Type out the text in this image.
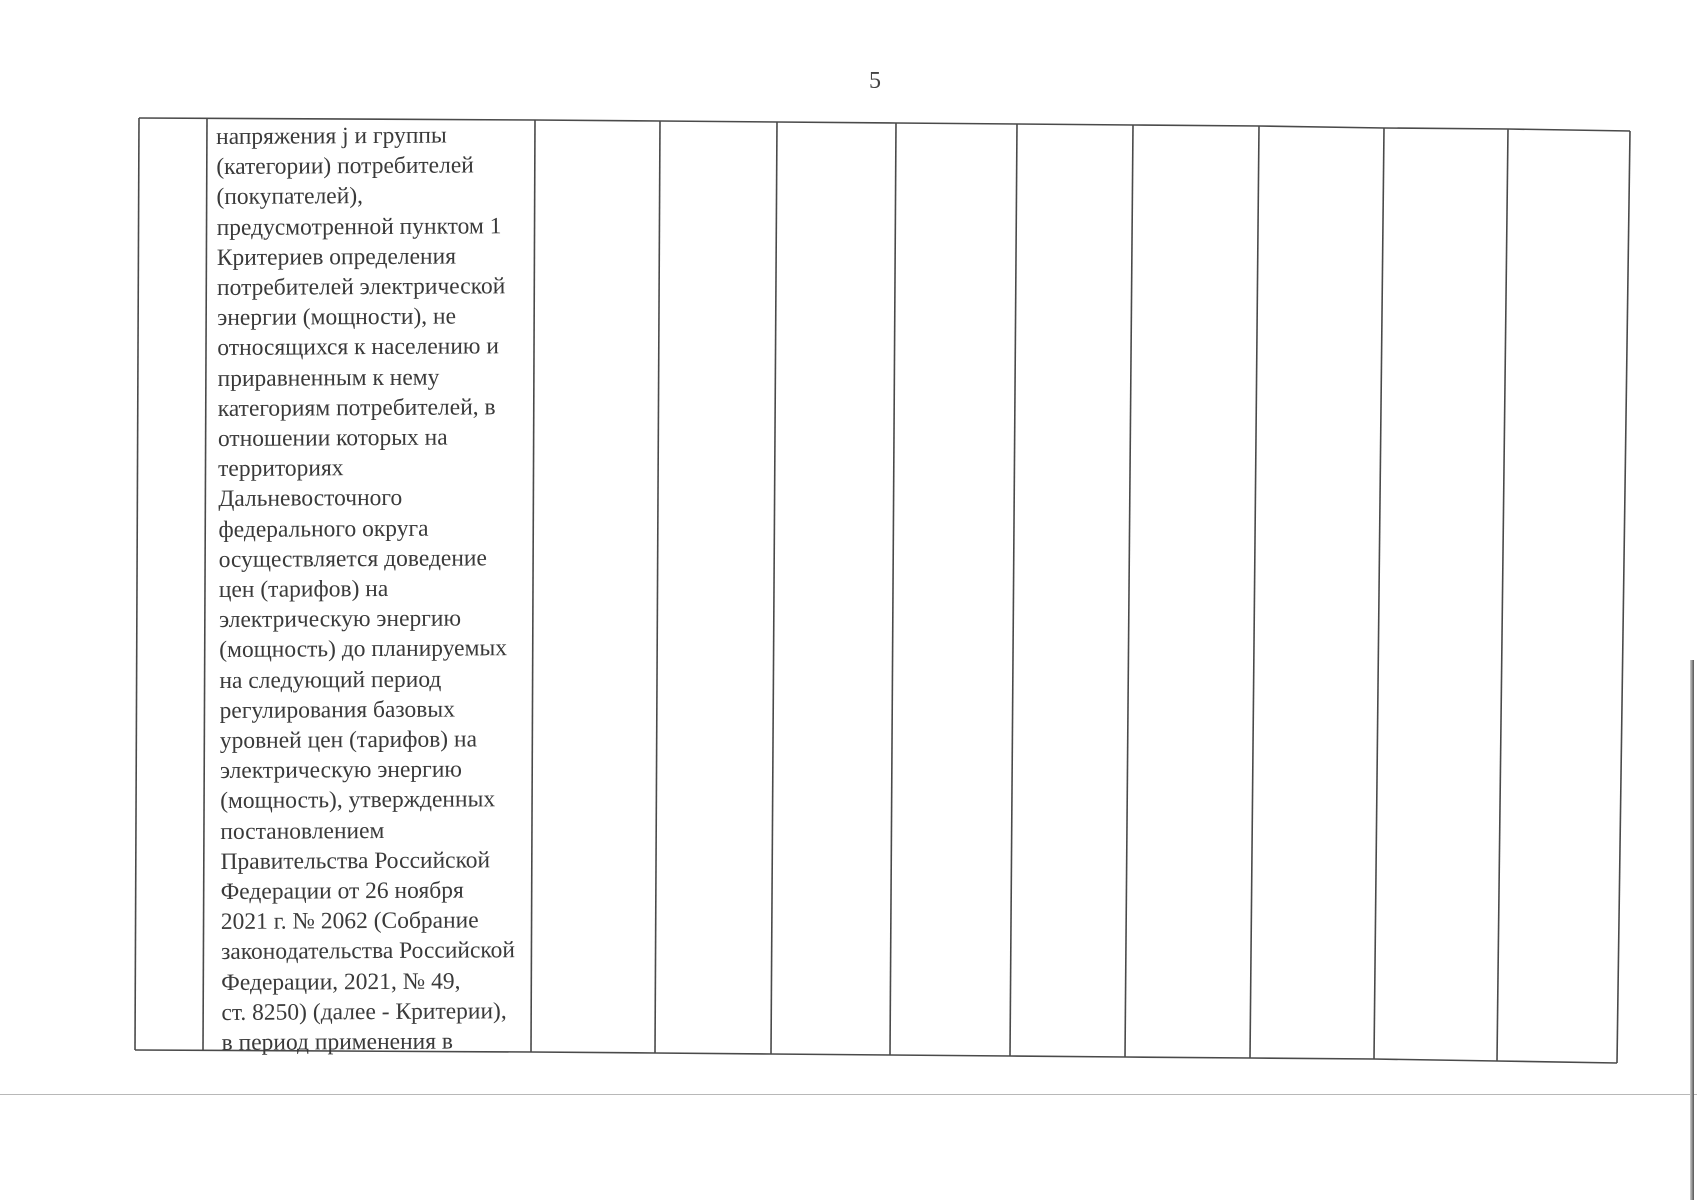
5
напряжения j и группы
(категории) потребителей
(покупателей),
предусмотренной пунктом 1
Критериев определения
потребителей электрической
энергии (мощности), не
относящихся к населению и
приравненным к нему
категориям потребителей, в
отношении которых на
территориях
Дальневосточного
федерального округа
осуществляется доведение
цен (тарифов) на
электрическую энергию
(мощность) до планируемых
на следующий период
регулирования базовых
уровней цен (тарифов) на
электрическую энергию
(мощность), утвержденных
постановлением
Правительства Российской
Федерации от 26 ноября
2021 г. № 2062 (Собрание
законодательства Российской
Федерации, 2021, № 49,
ст. 8250) (далее - Критерии),
в период применения в
